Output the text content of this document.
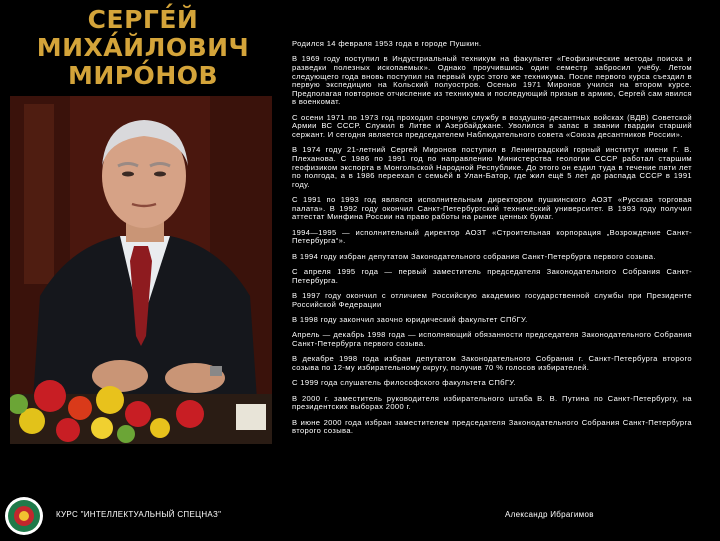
СЕРГЕ́Й
МИХА́ЙЛОВИЧ
МИРО́НОВ

Родился 14 февраля 1953 года в городе Пушкин.

В 1969 году поступил в Индустриальный техникум на факультет «Геофизические методы поиска и разведки полезных ископаемых». Однако проучившись один семестр забросил учёбу. Летом следующего года вновь поступил на первый курс этого же техникума. После первого курса съездил в первую экспедицию на Кольский полуостров. Осенью 1971 Миронов учился на втором курсе. Предполагая повторное отчисление из техникума и последующий призыв в армию, Сергей сам явился в военкомат.

С осени 1971 по 1973 год проходил срочную службу в воздушно-десантных войсках (ВДВ) Советской Армии ВС СССР. Служил в Литве и Азербайджане. Уволился в запас в звании гвардии старший сержант. И сегодня является председателем Наблюдательного совета «Союза десантников России».

В 1974 году 21-летний Сергей Миронов поступил в Ленинградский горный институт имени Г. В. Плеханова. С 1986 по 1991 год по направлению Министерства геологии СССР работал старшим геофизиком экспорта в Монгольской Народной Республике. До этого он ездил туда в течение пяти лет по полгода, а в 1986 переехал с семьёй в Улан-Батор, где жил ещё 5 лет до распада СССР в 1991 году.

С 1991 по 1993 год являлся исполнительным директором пушкинского АОЗТ «Русская торговая палата». В 1992 году окончил Санкт-Петербургский технический университет. В 1993 году получил аттестат Минфина России на право работы на рынке ценных бумаг.

1994—1995 — исполнительный директор АОЗТ «Строительная корпорация „Возрождение Санкт-Петербурга“».

В 1994 году избран депутатом Законодательного собрания Санкт-Петербурга первого созыва.

С апреля 1995 года — первый заместитель председателя Законодательного Собрания Санкт-Петербурга.

В 1997 году окончил с отличием Российскую академию государственной службы при Президенте Российской Федерации

В 1998 году закончил заочно юридический факультет СПбГУ.

Апрель — декабрь 1998 года — исполняющий обязанности председателя Законодательного Собрания Санкт-Петербурга первого созыва.

В декабре 1998 года избран депутатом Законодательного Собрания г. Санкт-Петербурга второго созыва по 12-му избирательному округу, получив 70 % голосов избирателей.

С 1999 года слушатель философского факультета СПбГУ.

В 2000 г. заместитель руководителя избирательного штаба В. В. Путина по Санкт-Петербургу, на президентских выборах 2000 г.

В июне 2000 года избран заместителем председателя Законодательного Собрания Санкт-Петербурга второго созыва.

КУРС "ИНТЕЛЛЕКТУАЛЬНЫЙ СПЕЦНАЗ"	Александр Ибрагимов
